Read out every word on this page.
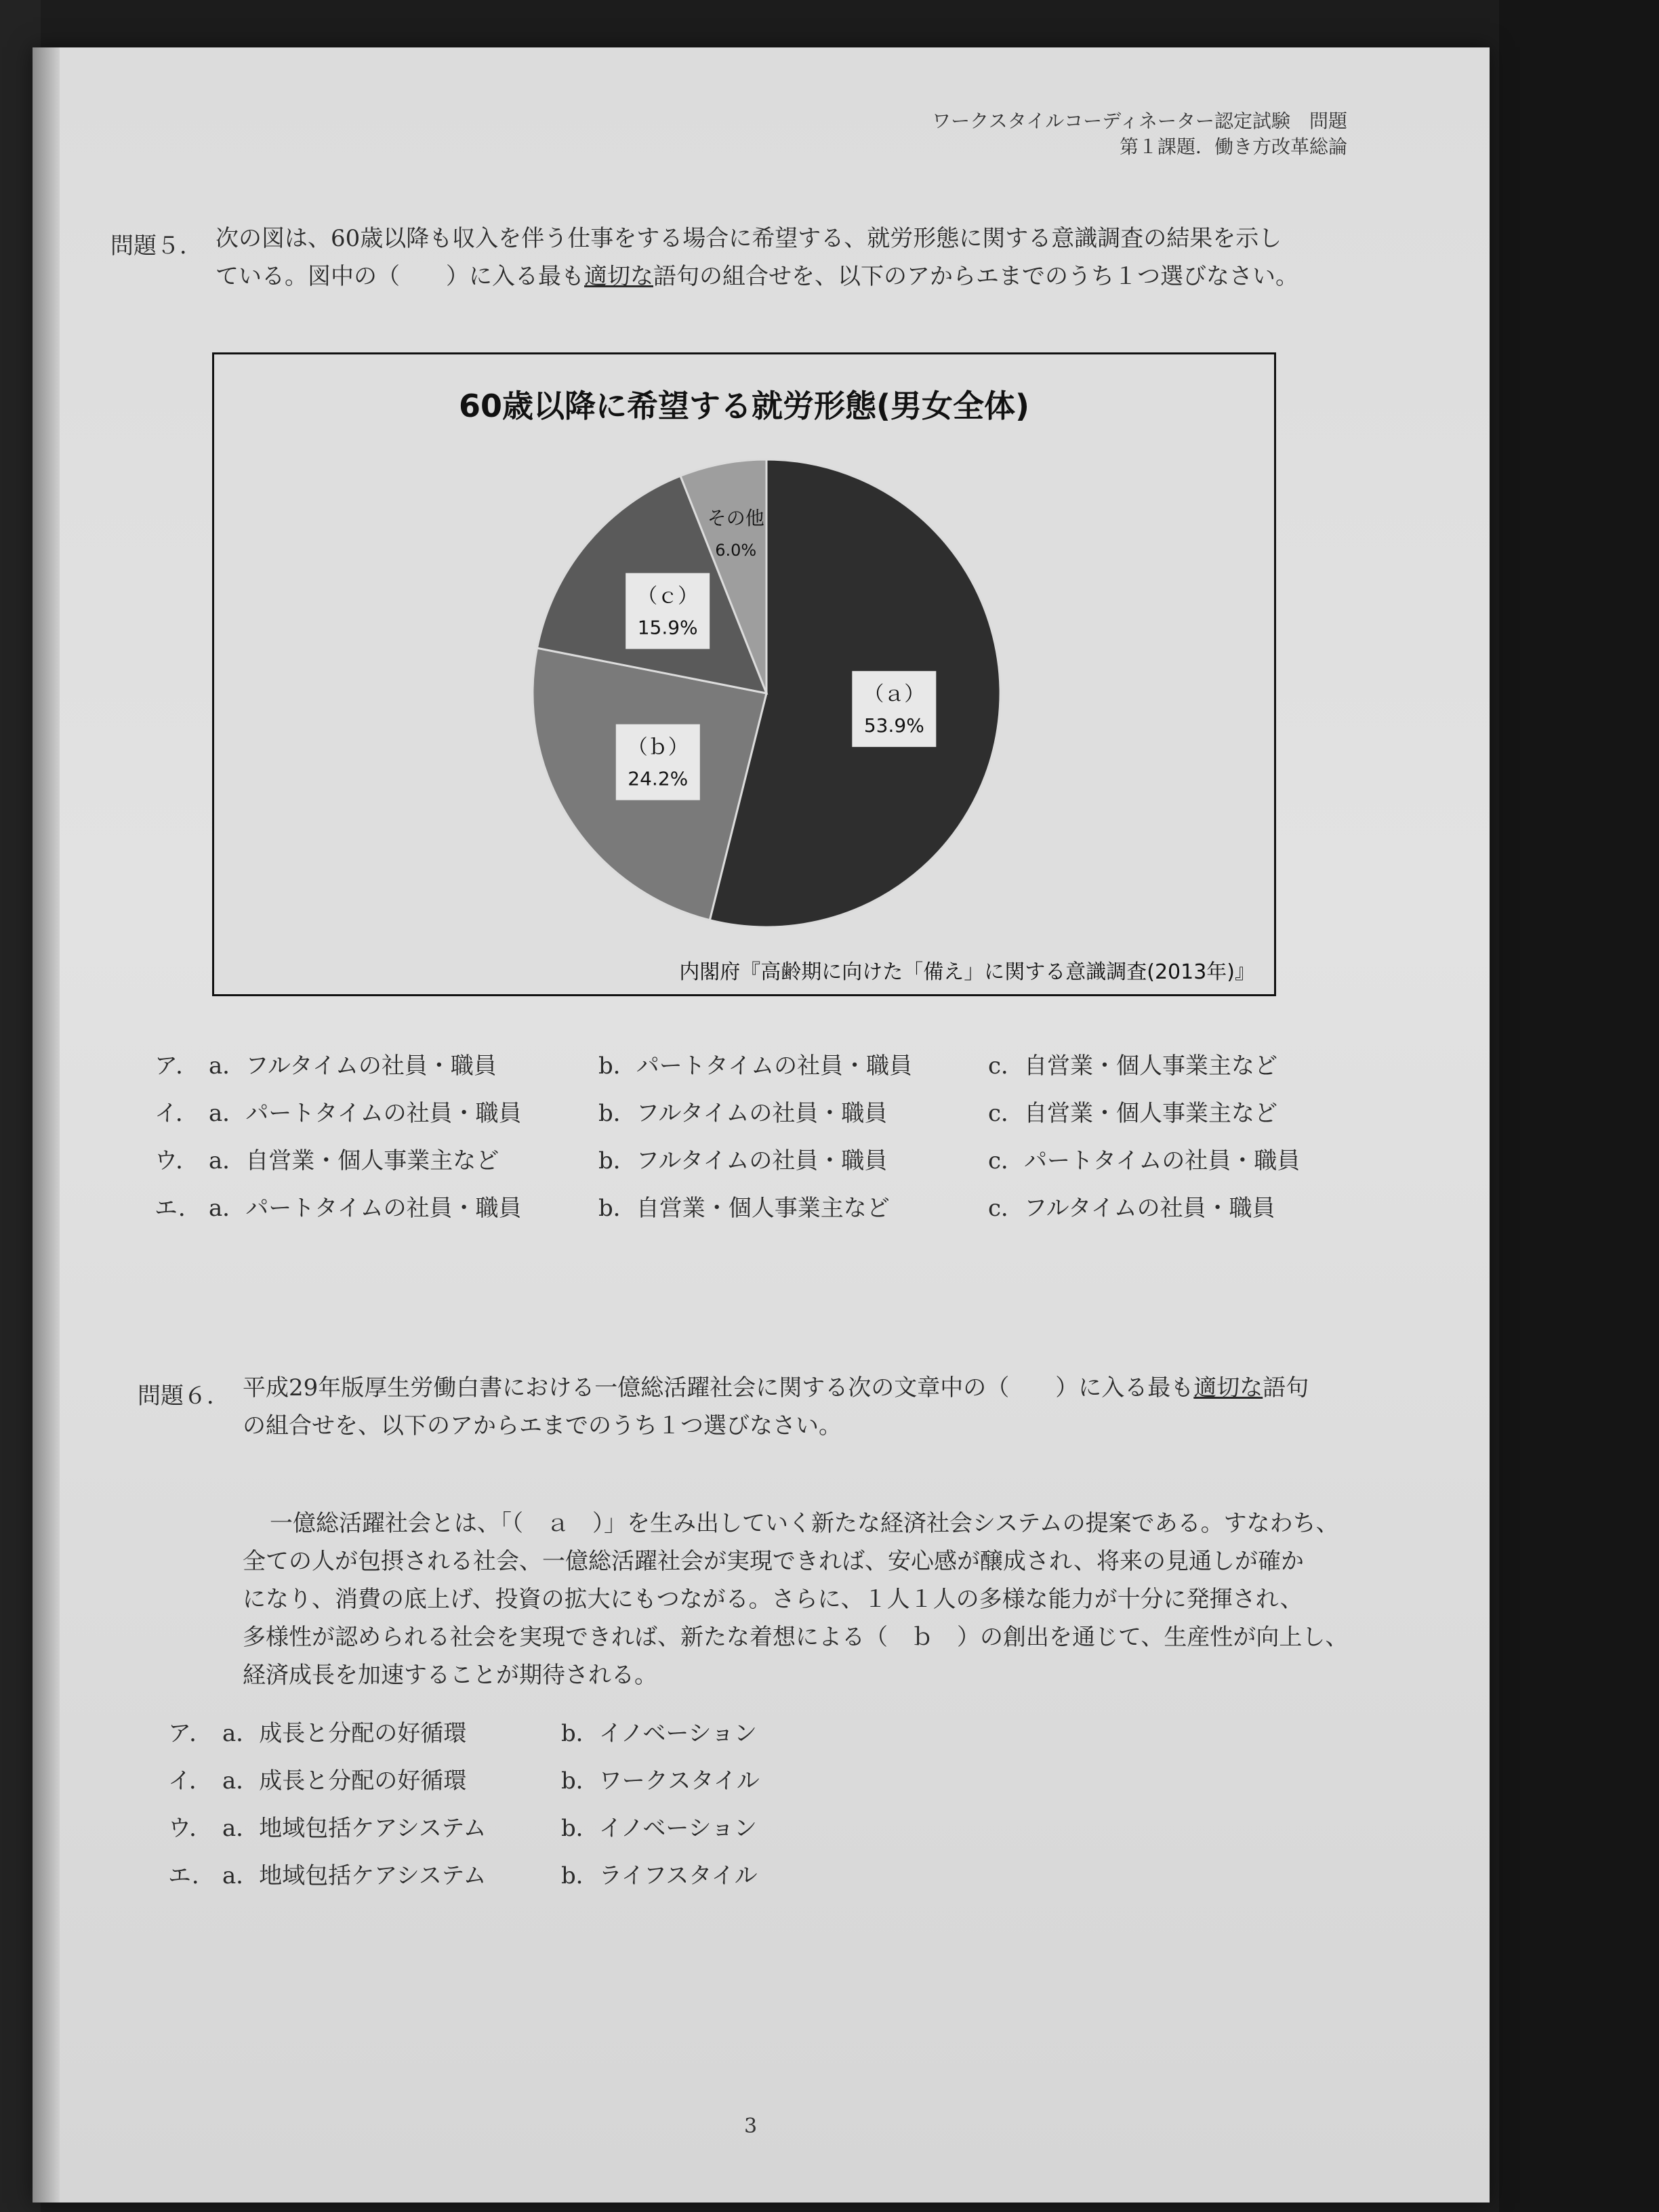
ワークスタイルコーディネーター認定試験　問題
第１課題．働き方改革総論
問題５． 次の図は、60歳以降も収入を伴う仕事をする場合に希望する、就労形態に関する意識調査の結果を示し
ている。図中の（　　）に入る最も適切な語句の組合せを、以下のアからエまでのうち１つ選びなさい。
60歳以降に希望する就労形態(男女全体)
（ａ）
53.9%
（ｂ）
24.2%
（ｃ）
15.9%
その他
6.0%
内閣府『高齢期に向けた「備え」に関する意識調査(2013年)』
ア． a．フルタイムの社員・職員	b．パートタイムの社員・職員	c．自営業・個人事業主など
イ． a．パートタイムの社員・職員	b．フルタイムの社員・職員	c．自営業・個人事業主など
ウ． a．自営業・個人事業主など	b．フルタイムの社員・職員	c．パートタイムの社員・職員
エ． a．パートタイムの社員・職員	b．自営業・個人事業主など	c．フルタイムの社員・職員
問題６． 平成29年版厚生労働白書における一億総活躍社会に関する次の文章中の（　　）に入る最も適切な語句
の組合せを、以下のアからエまでのうち１つ選びなさい。
一億総活躍社会とは、「（　ａ　）」を生み出していく新たな経済社会システムの提案である。すなわち、
全ての人が包摂される社会、一億総活躍社会が実現できれば、安心感が醸成され、将来の見通しが確か
になり、消費の底上げ、投資の拡大にもつながる。さらに、１人１人の多様な能力が十分に発揮され、
多様性が認められる社会を実現できれば、新たな着想による（　ｂ　）の創出を通じて、生産性が向上し、
経済成長を加速することが期待される。
ア． a．成長と分配の好循環	b．イノベーション
イ． a．成長と分配の好循環	b．ワークスタイル
ウ． a．地域包括ケアシステム	b．イノベーション
エ． a．地域包括ケアシステム	b．ライフスタイル
3
